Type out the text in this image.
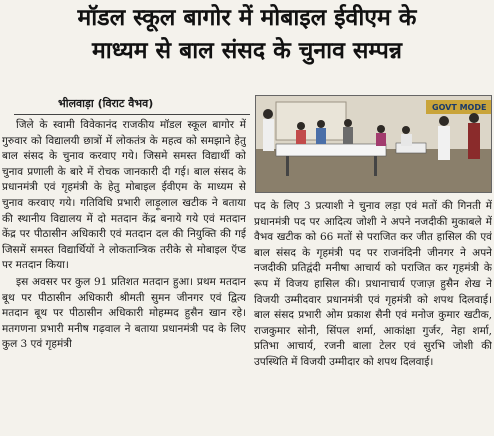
मॉडल स्कूल बागोर में मोबाइल ईवीएम के
माध्यम से बाल संसद के चुनाव सम्पन्न
भीलवाड़ा (विराट वैभव)	GOVT MODE

जिले के स्वामी विवेकानंद राजकीय मॉडल स्कूल बागोर में गुरुवार को विद्यालयी छात्रों में लोकतंत्र के महत्व को समझाने हेतु बाल संसद के चुनाव करवाए गये। जिसमे समस्त विद्यार्थी को चुनाव प्रणाली के बारे में रोचक जानकारी दी गई। बाल संसद के प्रधानमंत्री एवं गृहमंत्री के हेतु मोबाइल ईवीएम के माध्यम से चुनाव करवाए गये। गतिविधि प्रभारी लाड़ूलाल खटीक ने बताया की स्थानीय विद्यालय में दो मतदान केंद्र बनाये गये एवं मतदान केंद्र पर पीठासीन अधिकारी एवं मतदान दल की नियुक्ति की गई जिसमें समस्त विद्यार्थियों ने लोकतान्त्रिक तरीके से मोबाइल ऍप्ड पर मतदान किया।

इस अवसर पर कुल 91 प्रतिशत मतदान हुआ। प्रथम मतदान बूथ पर पीठासीन अधिकारी श्रीमती सुमन जीनगर एवं द्वित्य मतदान बूथ पर पीठासीन अधिकारी मोहम्मद हुसैन खान रहे। मतगणना प्रभारी मनीष गढ़वाल ने बताया प्रधानमंत्री पद के लिए कुल 3 एवं गृहमंत्री

पद के लिए 3 प्रत्याशी ने चुनाव लड़ा एवं मतों की गिनती में प्रधानमंत्री पद पर आदित्य जोशी ने अपने नजदीकी मुकाबले में वैभव खटीक को 66 मतों से पराजित कर जीत हासिल की एवं बाल संसद के गृहमंत्री पद पर राजनंदिनी जीनगर ने अपने नजदीकी प्रतिद्वंदी मनीषा आचार्य को पराजित कर गृहमंत्री के रूप में विजय हासिल की। प्रधानाचार्य एजाज़ हुसैन शेख ने विजयी उम्मीदवार प्रधानमंत्री एवं गृहमंत्री को शपथ दिलवाई। बाल संसद प्रभारी ओम प्रकाश सैनी एवं मनोज कुमार खटीक, राजकुमार सोनी, सिंपल शर्मा, आकांक्षा गुर्जर, नेहा शर्मा, प्रतिभा आचार्य, रजनी बाला टेलर एवं सुरभि जोशी की उपस्थिति में विजयी उम्मीदार को शपथ दिलवाई।
